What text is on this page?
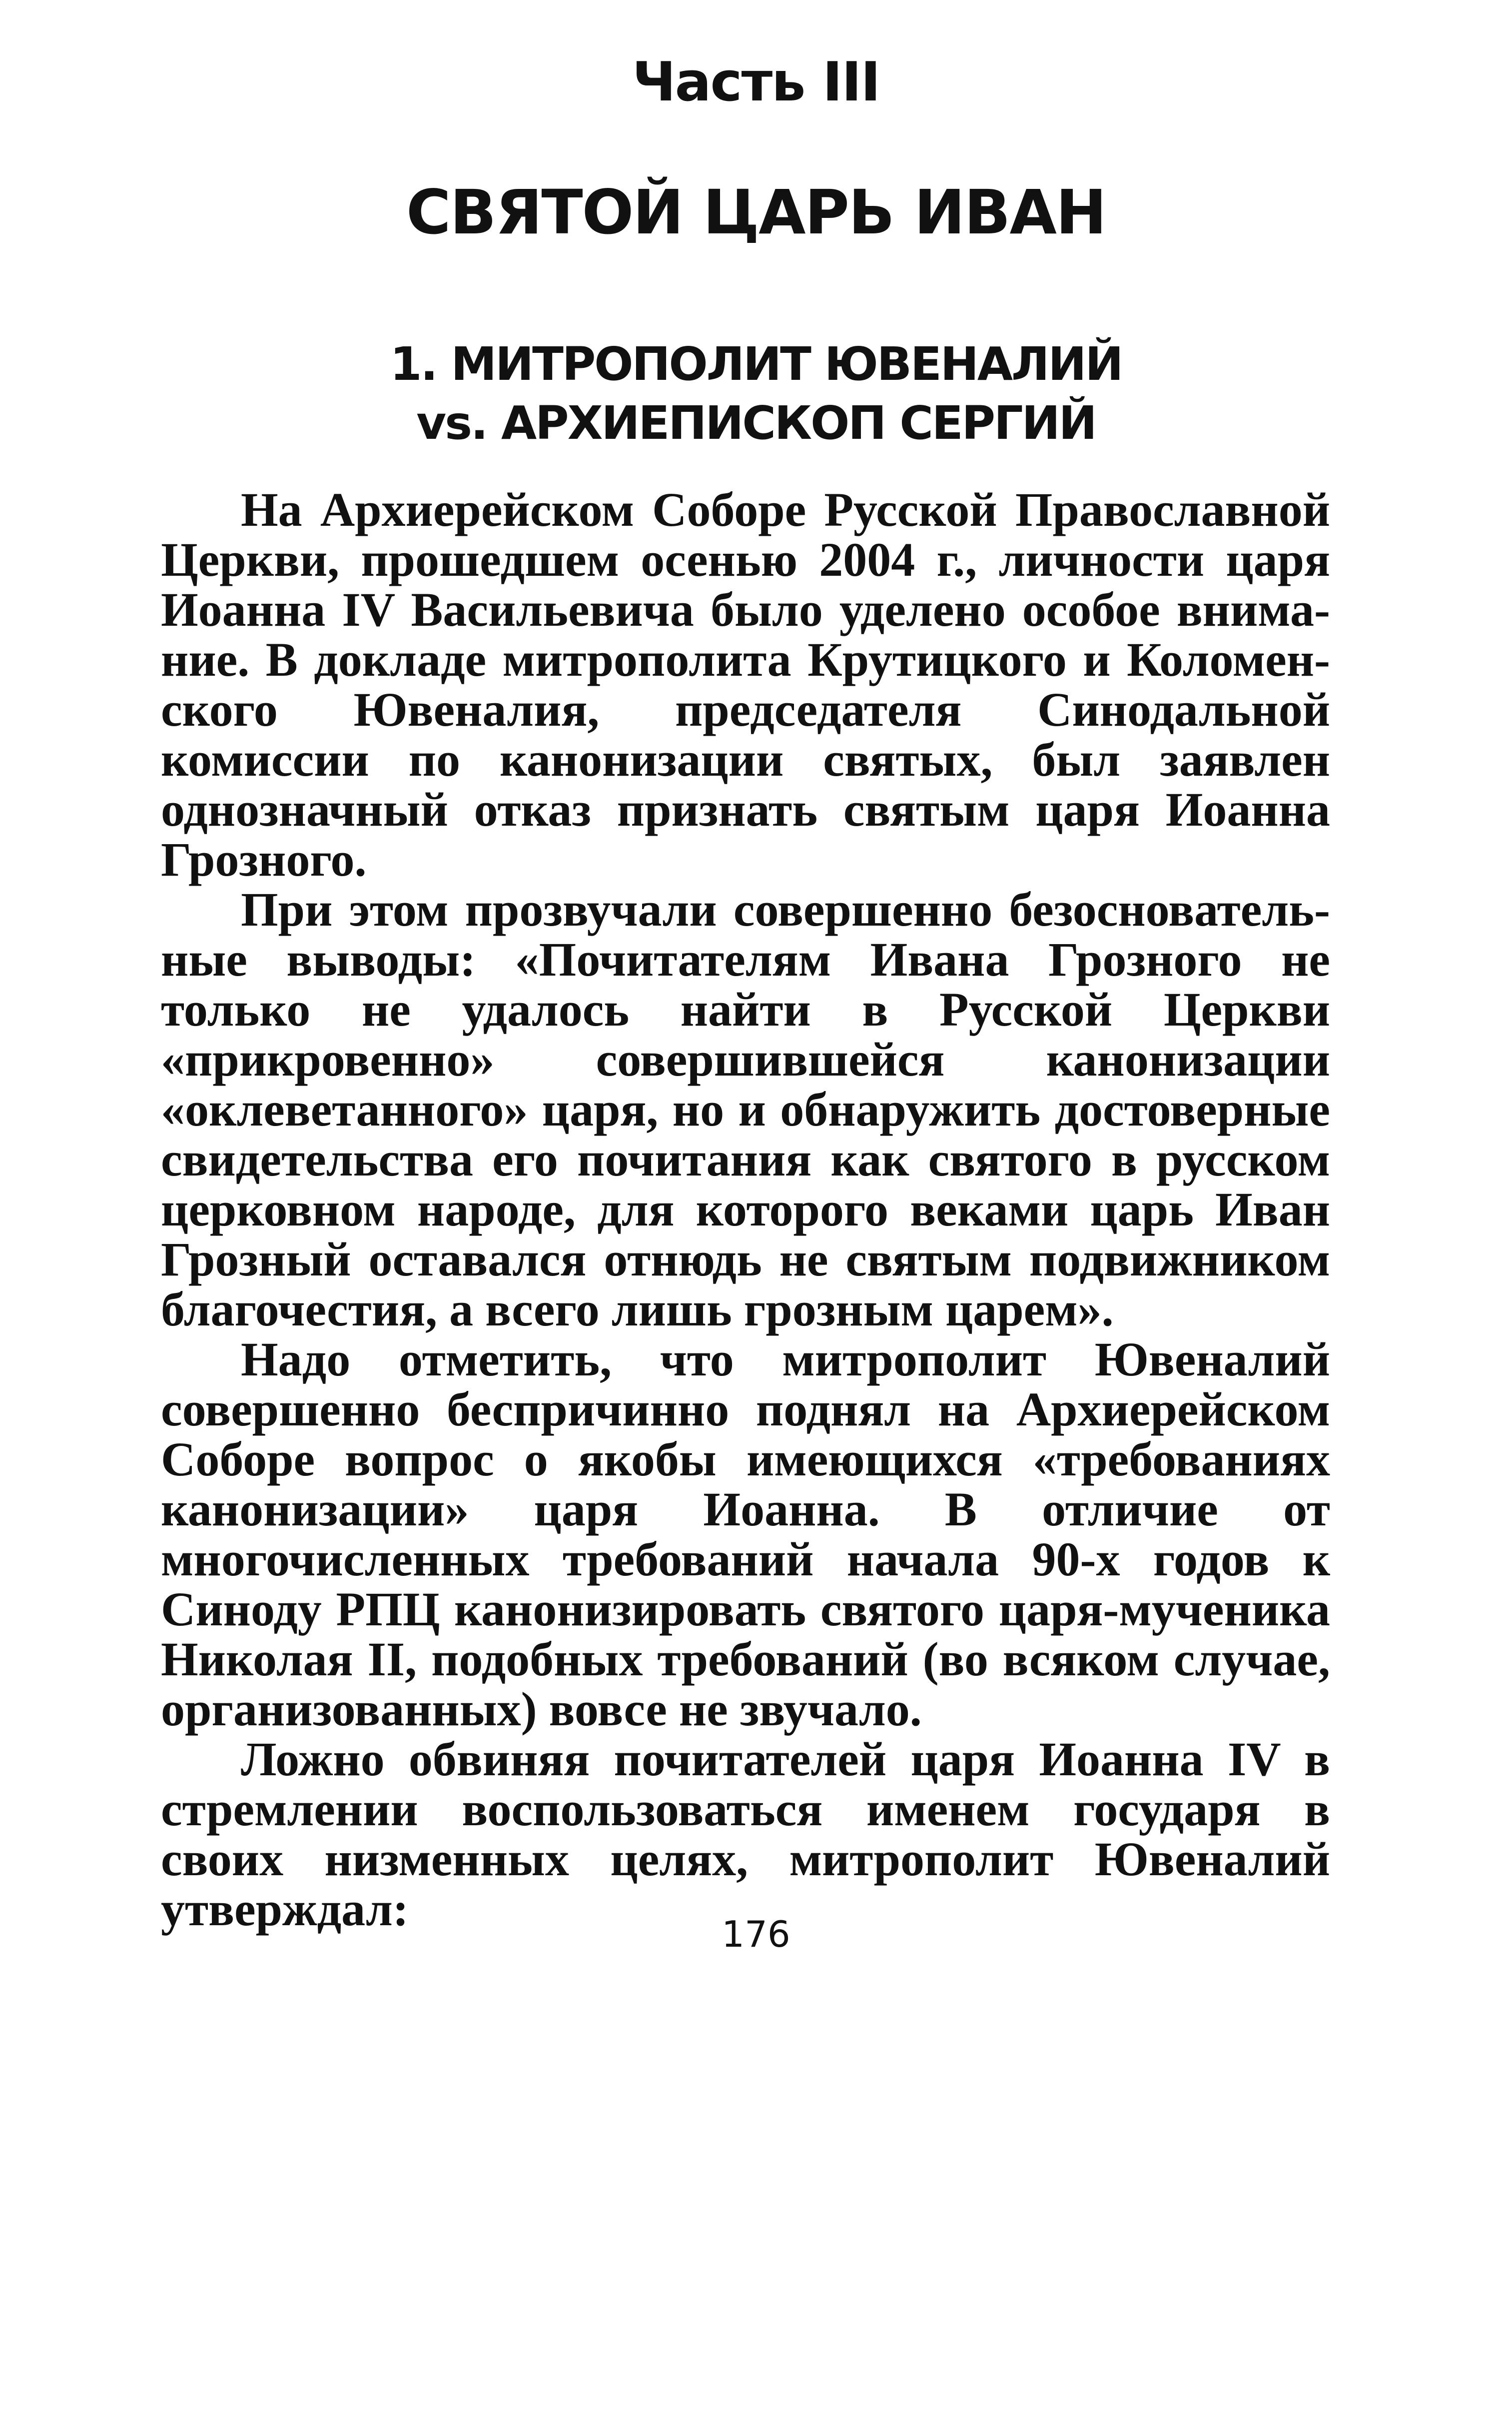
Часть III
СВЯТОЙ ЦАРЬ ИВАН
1. МИТРОПОЛИТ ЮВЕНАЛИЙ
vs. АРХИЕПИСКОП СЕРГИЙ

На Архиерейском Соборе Русской Православной Церкви, прошедшем осенью 2004 г., личности царя Иоанна IV Васильевича было уделено особое внимание. В докладе митрополита Крутицкого и Коломенского Ювеналия, председателя Синодальной комиссии по канонизации святых, был заявлен однозначный отказ признать святым царя Иоанна Грозного.

При этом прозвучали совершенно безосновательные выводы: «Почитателям Ивана Грозного не только не удалось найти в Русской Церкви «прикровенно» совершившейся канонизации «оклеветанного» царя, но и обнаружить достоверные свидетельства его почитания как святого в русском церковном народе, для которого веками царь Иван Грозный оставался отнюдь не святым подвижником благочестия, а всего лишь грозным царем».

Надо отметить, что митрополит Ювеналий совершенно беспричинно поднял на Архиерейском Соборе вопрос о якобы имеющихся «требованиях канонизации» царя Иоанна. В отличие от многочисленных требований начала 90-х годов к Синоду РПЦ канонизировать святого царя-мученика Николая II, подобных требований (во всяком случае, организованных) вовсе не звучало.

Ложно обвиняя почитателей царя Иоанна IV в стремлении воспользоваться именем государя в своих низменных целях, митрополит Ювеналий утверждал:	176
